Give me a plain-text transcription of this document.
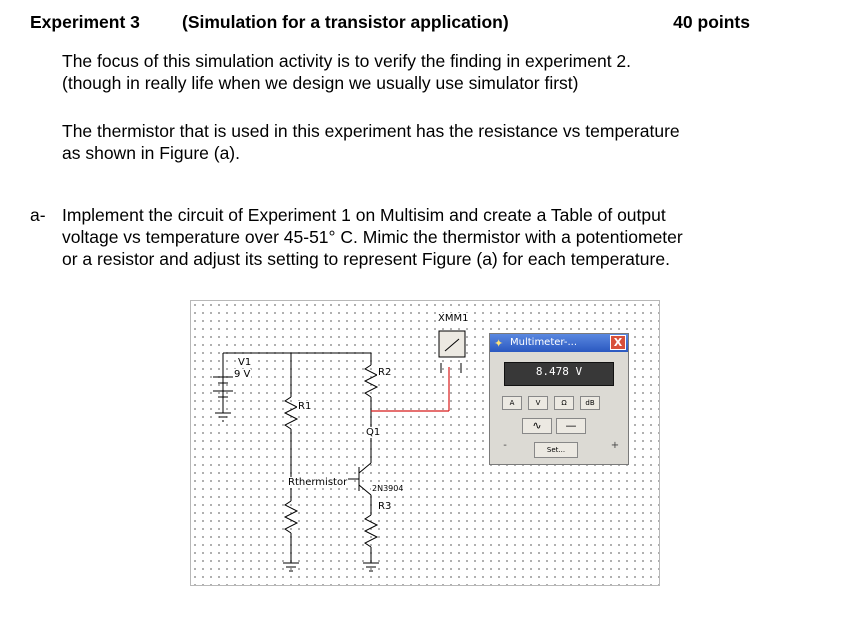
Experiment 3 (Simulation for a transistor application)	40 points
The focus of this simulation activity is to verify the finding in experiment 2.
(though in really life when we design we usually use simulator first)
The thermistor that is used in this experiment has the resistance vs temperature
as shown in Figure (a).
a- Implement the circuit of Experiment 1 on Multisim and create a Table of output
voltage vs temperature over 45-51° C. Mimic the thermistor with a potentiometer
or a resistor and adjust its setting to represent Figure (a) for each temperature.
V1
9 V
R1
R2
Q1
Rthermistor
2N3904
R3
XMM1
✦ Multimeter-...	X
8.478 V
A	V	Ω	dB
∿	—
Set...
-	+
